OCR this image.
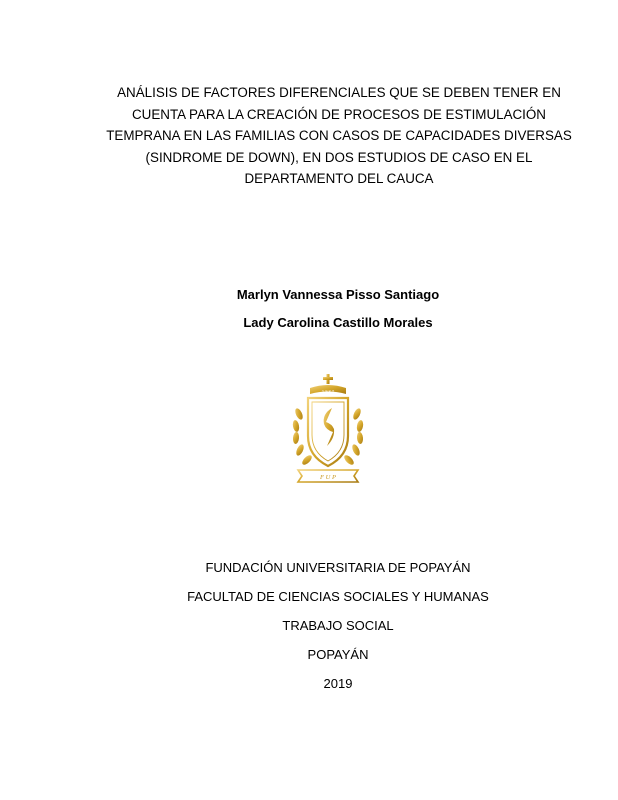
ANÁLISIS DE FACTORES DIFERENCIALES QUE SE DEBEN TENER EN
CUENTA PARA LA CREACIÓN DE PROCESOS DE ESTIMULACIÓN
TEMPRANA EN LAS FAMILIAS CON CASOS DE CAPACIDADES DIVERSAS
(SINDROME DE DOWN), EN DOS ESTUDIOS DE CASO EN EL
DEPARTAMENTO DEL CAUCA
Marlyn Vannessa Pisso Santiago
Lady Carolina Castillo Morales
1 9 8 2
F U P
FUNDACIÓN UNIVERSITARIA DE POPAYÁN
FACULTAD DE CIENCIAS SOCIALES Y HUMANAS
TRABAJO SOCIAL
POPAYÁN
2019
